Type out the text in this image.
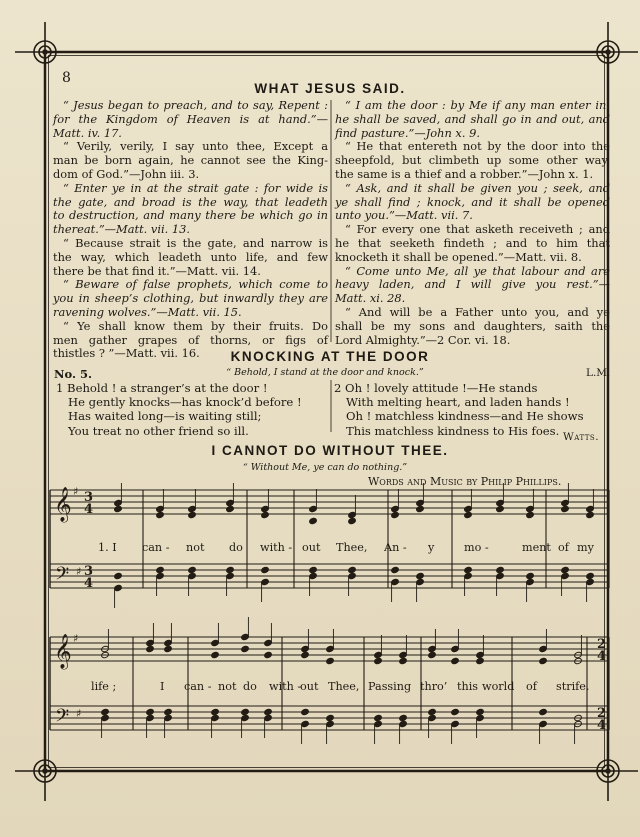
8
WHAT JESUS SAID.

“ Jesus began to preach, and to say, Repent :
for the Kingdom of Heaven is at hand.”—
Matt. iv. 17.

“ Verily, verily, I say unto thee, Except a
man be born again, he cannot see the King-
dom of God.”—John iii. 3.

“ Enter ye in at the strait gate : for wide is
the gate, and broad is the way, that leadeth
to destruction, and many there be which go in
thereat.”—Matt. vii. 13.

“ Because strait is the gate, and narrow is
the way, which leadeth unto life, and few
there be that find it.”—Matt. vii. 14.

“ Beware of false prophets, which come to
you in sheep’s clothing, but inwardly they are
ravening wolves.”—Matt. vii. 15.

“ Ye shall know them by their fruits. Do
men gather grapes of thorns, or figs of
thistles ? ”—Matt. vii. 16.

“ I am the door : by Me if any man enter in,
he shall be saved, and shall go in and out, and
find pasture.”—John x. 9.

“ He that entereth not by the door into the
sheepfold, but climbeth up some other way,
the same is a thief and a robber.”—John x. 1.

“ Ask, and it shall be given you ; seek, and
ye shall find ; knock, and it shall be opened
unto you.”—Matt. vii. 7.

“ For every one that asketh receiveth ; and
he that seeketh findeth ; and to him that
knocketh it shall be opened.”—Matt. vii. 8.

“ Come unto Me, all ye that labour and are
heavy laden, and I will give you rest.”—
Matt. xi. 28.

“ And will be a Father unto you, and ye
shall be my sons and daughters, saith the
Lord Almighty.”—2 Cor. vi. 18.

KNOCKING AT THE DOOR
No. 5.	“ Behold, I stand at the door and knock.”	L.M.
1 Behold ! a stranger’s at the door !
He gently knocks—has knock’d before !
Has waited long—is waiting still;
You treat no other friend so ill.
2 Oh ! lovely attitude !—He stands
With melting heart, and laden hands !
Oh ! matchless kindness—and He shows
This matchless kindness to His foes. Watts.
I CANNOT DO WITHOUT THEE.
“ Without Me, ye can do nothing.”
Words and Music by Philip Phillips.
𝄞
𝄢
♯
♯
3
4
3
4
1. I can - not do with - out Thee, An - y	mo -	ment of my
𝄞
𝄢
♯
♯
2
4
2
4
life ;	I can - not do with -
out Thee, Passing thro’ this world of strife.
